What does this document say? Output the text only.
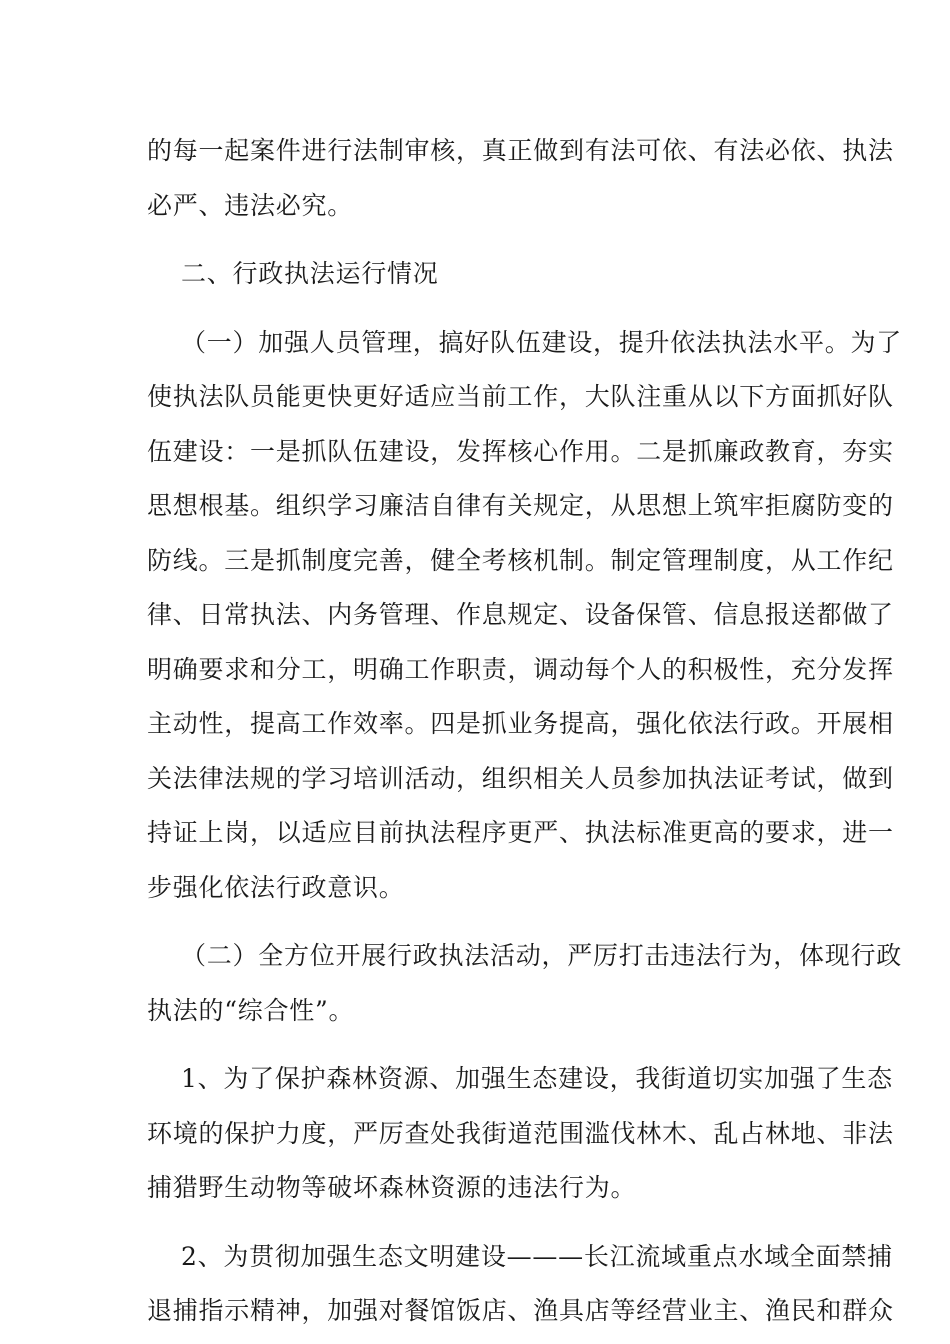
的每一起案件进行法制审核，真正做到有法可依、有法必依、执法
必严、违法必究。
二、行政执法运行情况
（一）加强人员管理，搞好队伍建设，提升依法执法水平。为了
使执法队员能更快更好适应当前工作，大队注重从以下方面抓好队
伍建设：一是抓队伍建设，发挥核心作用。二是抓廉政教育，夯实
思想根基。组织学习廉洁自律有关规定，从思想上筑牢拒腐防变的
防线。三是抓制度完善，健全考核机制。制定管理制度，从工作纪
律、日常执法、内务管理、作息规定、设备保管、信息报送都做了
明确要求和分工，明确工作职责，调动每个人的积极性，充分发挥
主动性，提高工作效率。四是抓业务提高，强化依法行政。开展相
关法律法规的学习培训活动，组织相关人员参加执法证考试，做到
持证上岗，以适应目前执法程序更严、执法标准更高的要求，进一
步强化依法行政意识。
（二）全方位开展行政执法活动，严厉打击违法行为，体现行政
执法的“综合性”。
1、为了保护森林资源、加强生态建设，我街道切实加强了生态
环境的保护力度，严厉查处我街道范围滥伐林木、乱占林地、非法
捕猎野生动物等破坏森林资源的违法行为。
2、为贯彻加强生态文明建设———长江流域重点水域全面禁捕
退捕指示精神，加强对餐馆饭店、渔具店等经营业主、渔民和群众
